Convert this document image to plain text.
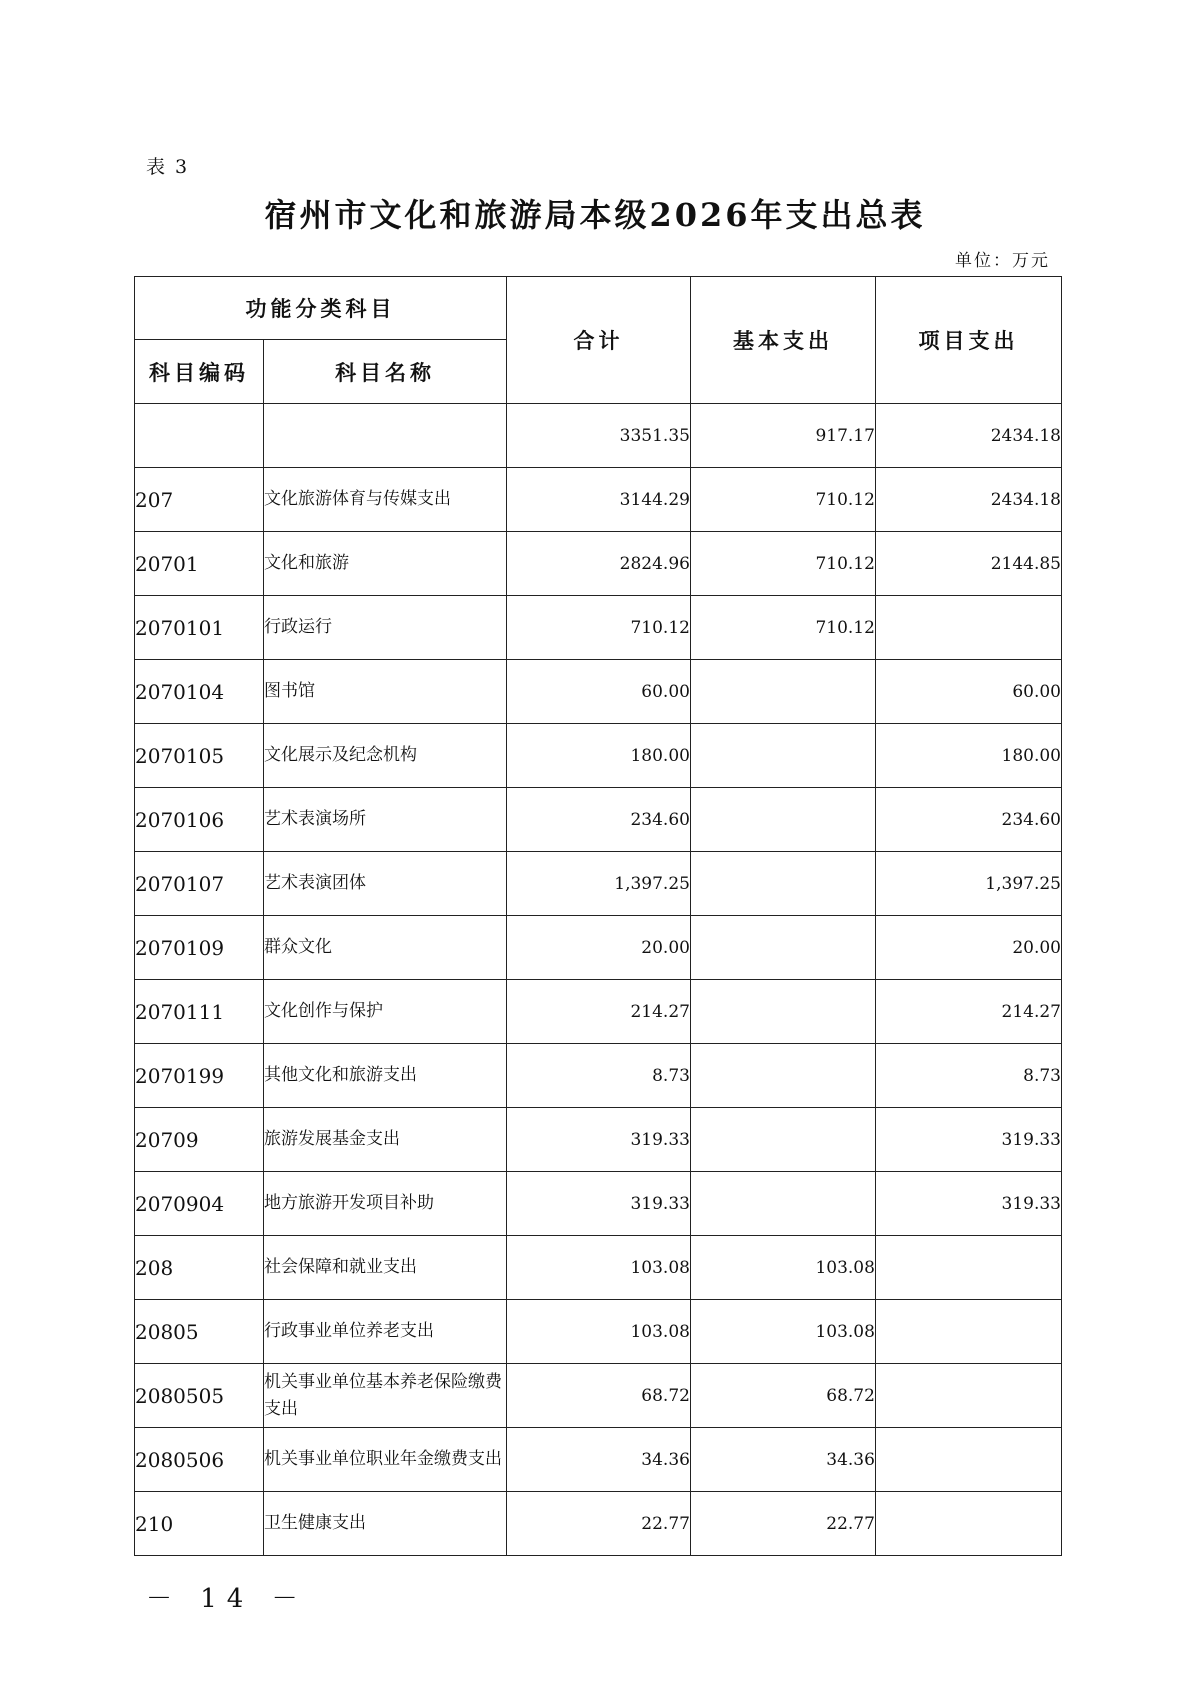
表 3
宿州市文化和旅游局本级2026年支出总表
单位：万元
功能分类科目		合计	基本支出	项目支出
科目编码	科目名称			
		3351.35	917.17	2434.18
207	文化旅游体育与传媒支出	3144.29	710.12	2434.18
20701	文化和旅游	2824.96	710.12	2144.85
2070101	行政运行	710.12	710.12	
2070104	图书馆	60.00		60.00
2070105	文化展示及纪念机构	180.00		180.00
2070106	艺术表演场所	234.60		234.60
2070107	艺术表演团体	1,397.25		1,397.25
2070109	群众文化	20.00		20.00
2070111	文化创作与保护	214.27		214.27
2070199	其他文化和旅游支出	8.73		8.73
20709	旅游发展基金支出	319.33		319.33
2070904	地方旅游开发项目补助	319.33		319.33
208	社会保障和就业支出	103.08	103.08	
20805	行政事业单位养老支出	103.08	103.08	
2080505	机关事业单位基本养老保险缴费支出	68.72	68.72	
2080506	机关事业单位职业年金缴费支出	34.36	34.36	
210	卫生健康支出	22.77	22.77	
－ 14 －
